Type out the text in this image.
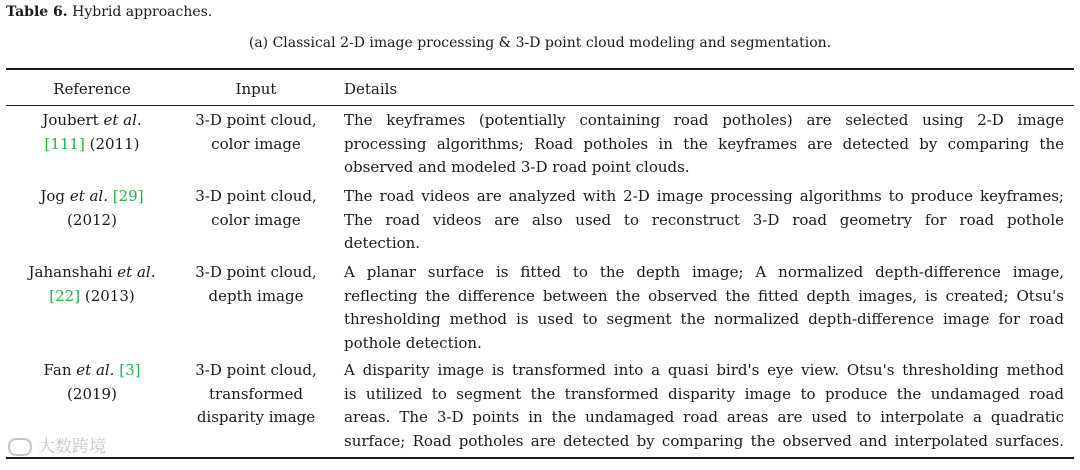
Table 6. Hybrid approaches.
(a) Classical 2-D image processing & 3-D point cloud modeling and segmentation.
Reference	Input	Details
Joubert et al.
[111] (2011)
3-D point cloud,
color image
The keyframes (potentially containing road potholes) are selected using 2-D image
processing algorithms; Road potholes in the keyframes are detected by comparing the
observed and modeled 3-D road point clouds.
Jog et al. [29]
(2012)
3-D point cloud,
color image
The road videos are analyzed with 2-D image processing algorithms to produce keyframes;
The road videos are also used to reconstruct 3-D road geometry for road pothole
detection.
Jahanshahi et al.
[22] (2013)
3-D point cloud,
depth image
A planar surface is fitted to the depth image; A normalized depth-difference image,
reflecting the difference between the observed the fitted depth images, is created; Otsu's
thresholding method is used to segment the normalized depth-difference image for road
pothole detection.
Fan et al. [3]
(2019)
3-D point cloud,
transformed
disparity image
A disparity image is transformed into a quasi bird's eye view. Otsu's thresholding method
is utilized to segment the transformed disparity image to produce the undamaged road
areas. The 3-D points in the undamaged road areas are used to interpolate a quadratic
surface; Road potholes are detected by comparing the observed and interpolated surfaces.
大数跨境
